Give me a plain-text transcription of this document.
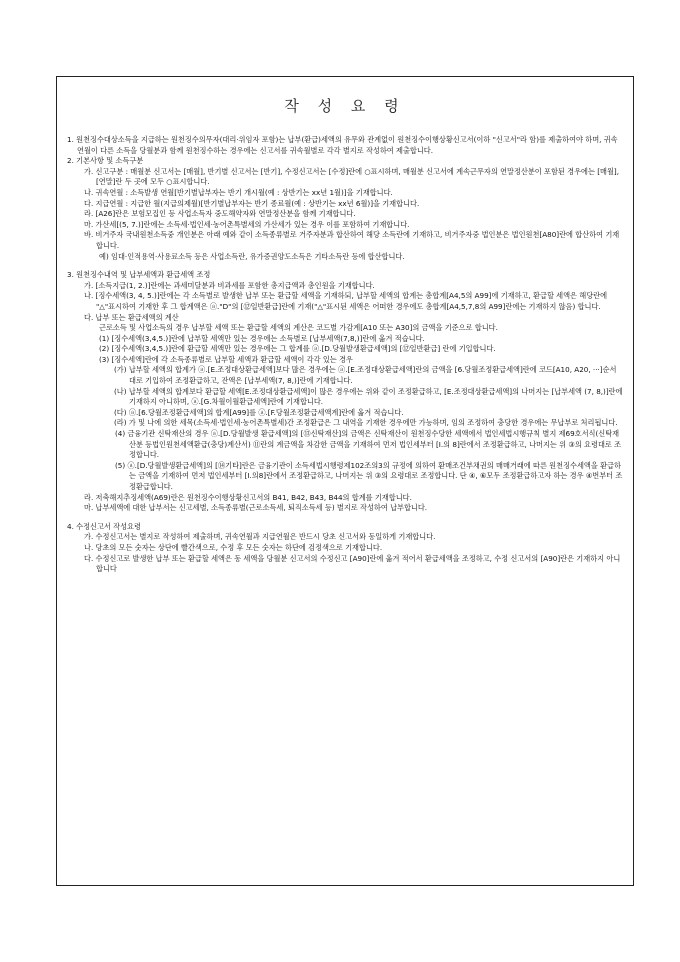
작 성 요 령

1. 원천징수대상소득을 지급하는 원천징수의무자(대리·위임자 포함)는 납부(환급)세액의 유무와 관계없이 원천징수이행상황신고서(이하 "신고서"라 함)를 제출하여야 하며, 귀속연월이 다른 소득을 당월분과 함께 원천징수하는 경우에는 신고서를 귀속월별로 각각 별지로 작성하여 제출합니다.

2. 기본사항 및 소득구분

가. 신고구분 : 매월분 신고서는 [매월], 반기별 신고서는 [반기], 수정신고서는 [수정]란에 ○표시하며, 매월분 신고서에 계속근무자의 연말정산분이 포함된 경우에는 [매월], [연말]란 두 곳에 모두 ○표시합니다.

나. 귀속연월 : 소득발생 연월[반기별납부자는 반기 개시월(예 : 상반기는 xx년 1월)]을 기재합니다.

다. 지급연월 : 지급한 월(지급의제월)[반기별납부자는 반기 종료월(예 : 상반기는 xx년 6월)]을 기재합니다.

라. [A26]란은 보험모집인 등 사업소득자 중도해약자와 연말정산분을 함께 기재합니다.

마. 가산세[(5, 7.)]란에는 소득세·법인세·농어촌특별세의 가산세가 있는 경우 이를 포함하여 기재합니다.

바. 비거주자 국내원천소득중 개인분은 아래 예와 같이 소득종류별로 거주자분과 합산하여 해당 소득란에 기재하고, 비거주자중 법인분은 법인원천[A80]란에 합산하여 기재합니다.

예) 임대·인적용역·사용료소득 등은 사업소득란, 유가증권양도소득은 기타소득란 등에 합산합니다.

3. 원천징수내역 및 납부세액과 환급세액 조정

가. [소득지급(1, 2.)]란에는 과세미달분과 비과세를 포함한 총지급액과 총인원을 기재합니다.

나. [징수세액(3, 4, 5.)]란에는 각 소득별로 발생한 납부 또는 환급할 세액을 기재하되, 납부할 세액의 합계는 총합계[A4,5의 A99]에 기재하고, 환급할 세액은 해당란에 "△"표시하여 기재한 후 그 합계액은 ⓐ."D"의 [⑫일반환급]란에 기재("△"표시된 세액은 어떠한 경우에도 총합계[A4,5,7,8의 A99]란에는 기재하지 않음) 합니다.

다. 납부 또는 환급세액의 계산

근로소득 및 사업소득의 경우 납부할 세액 또는 환급할 세액의 계산은 코드별 가감계[A10 또는 A30]의 금액을 기준으로 합니다.

(1) [징수세액(3,4,5.)]란에 납부할 세액만 있는 경우에는 소득별로 [납부세액(7,8,)]란에 옮겨 적습니다.

(2) [징수세액(3,4,5.)]란에 환급할 세액만 있는 경우에는 그 합계를 ⓐ.[D.당월발생환급세액]의 [⑫일반환급] 란에 기입합니다.

(3) [징수세액]란에 각 소득종류별로 납부할 세액과 환급할 세액이 각각 있는 경우

(가) 납부할 세액의 합계가 ⓐ.[E.조정대상환급세액]보다 많은 경우에는 ⓐ.[E.조정대상환급세액]란의 금액을 [6.당월조정환급세액]란에 코드[A10, A20, ···]순서대로 기입하여 조정환급하고, 잔액은 [납부세액(7, 8,)]란에 기재합니다.

(나) 납부할 세액의 합계보다 환급할 세액[E.조정대상환급세액]이 많은 경우에는 위와 같이 조정환급하고, [E.조정대상환급세액]의 나머지는 [납부세액 (7, 8,)]란에 기재하지 아니하며, ⓐ.[G.차월이월환급세액]란에 기재합니다.

(다) ⓐ.[6.당월조정환급세액]의 합계[A99]를 ⓐ.[F.당월조정환급세액계]란에 옮겨 적습니다.

(라) 가 및 나에 의한 세목(소득세·법인세·농어촌특별세)간 조정환급은 그 내역을 기재한 경우에만 가능하며, 임의 조정하여 충당한 경우에는 무납부로 처리됩니다.

(4) 금융기관 신탁재산의 경우 ⓐ.[D.당월발생 환급세액]의 [⑬신탁재산]의 금액은 신탁재산이 원천징수당한 세액에서 법인세법시행규칙 별지 제69호서식(신탁재산분 등법인원천세액환급(충당)계산서) ⑪란의 계금액을 차감한 금액을 기재하여 먼저 법인세부터 [I.의 8]란에서 조정환급하고, 나머지는 위 ③의 요령대로 조정합니다.

(5) ⓐ.[D.당월발생환급세액]의 [⑭기타]란은 금융기관이 소득세법시행령제102조의3의 규정에 의하여 환매조건부채권의 매매거래에 따른 원천징수세액을 환급하는 금액을 기재하여 먼저 법인세부터 [I.의8]란에서 조정환급하고, 나머지는 위 ③의 요령대로 조정합니다. 단 ④, ⑥모두 조정환급하고자 하는 경우 ④번부터 조정환급합니다.

라. 저축해지추징세액(A69)란은 원천징수이행상황신고서의 B41, B42, B43, B44의 합계를 기재합니다.

마. 납부세액에 대한 납부서는 신고세별, 소득종류별(근로소득세, 퇴직소득세 등) 별지로 작성하여 납부합니다.

4. 수정신고서 작성요령

가. 수정신고서는 별지로 작성하여 제출하며, 귀속연월과 지급연월은 반드시 당초 신고서와 동일하게 기재합니다.

나. 당초의 모든 숫자는 상단에 빨간색으로, 수정 후 모든 숫자는 하단에 검정색으로 기재합니다.

다. 수정신고로 발생한 납부 또는 환급할 세액은 동 세액을 당월분 신고서의 수정신고 [A90]란에 옮겨 적어서 환급세액을 조정하고, 수정 신고서의 [A90]란은 기재하지 아니합니다
